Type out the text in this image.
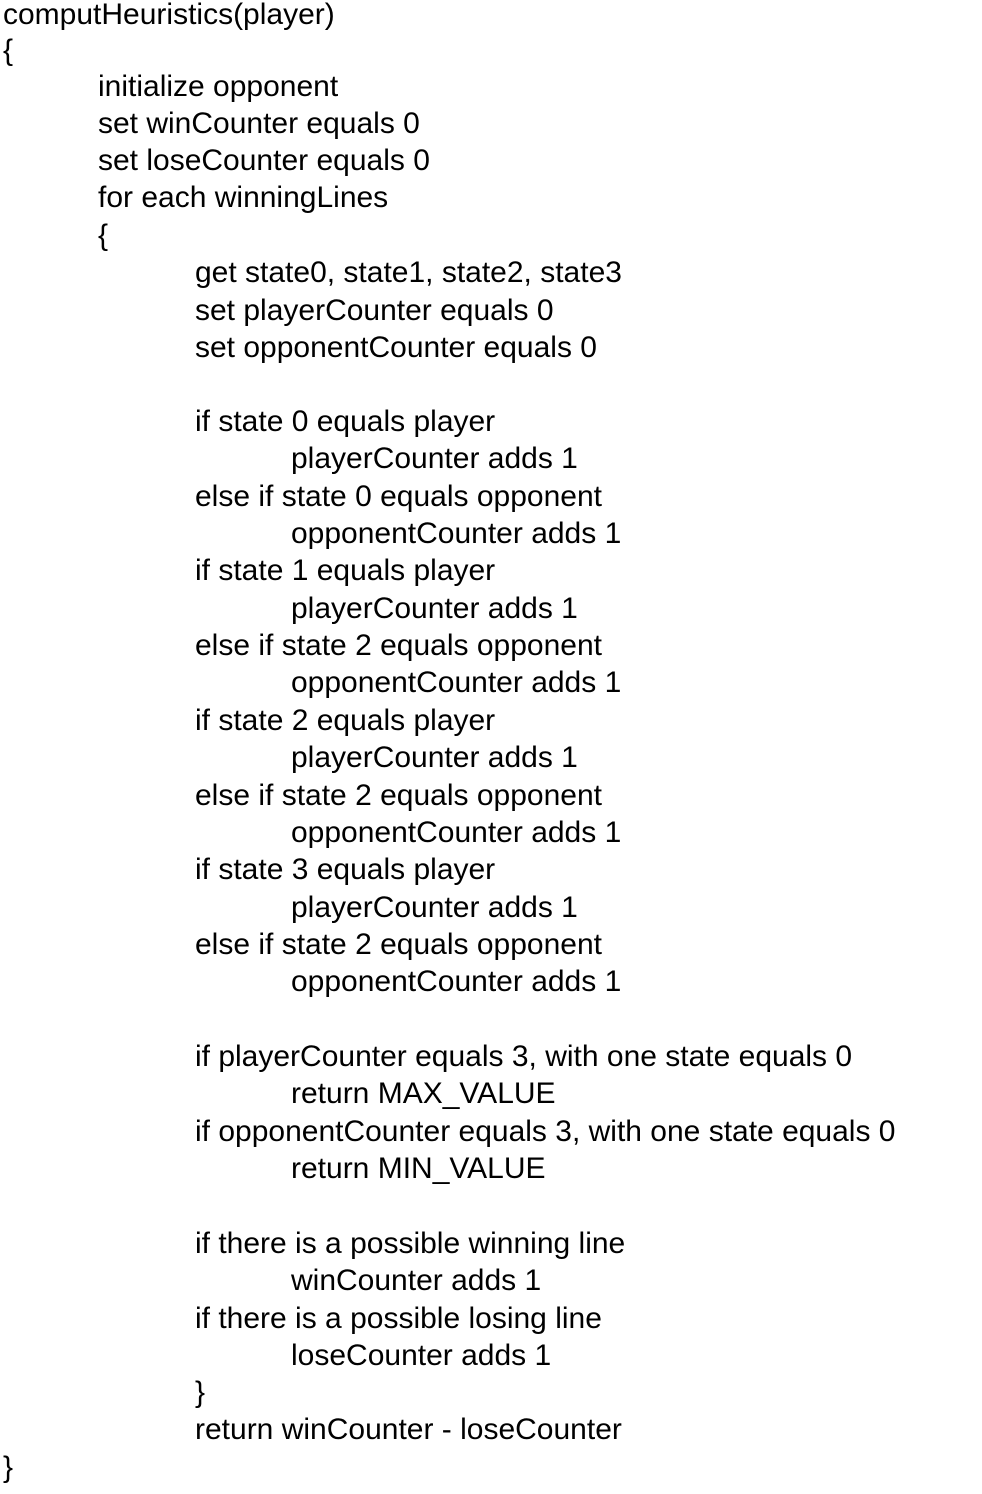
computHeuristics(player)
{
initialize opponent
set winCounter equals 0
set loseCounter equals 0
for each winningLines
{
get state0, state1, state2, state3
set playerCounter equals 0
set opponentCounter equals 0
if state 0 equals player
playerCounter adds 1
else if state 0 equals opponent
opponentCounter adds 1
if state 1 equals player
playerCounter adds 1
else if state 2 equals opponent
opponentCounter adds 1
if state 2 equals player
playerCounter adds 1
else if state 2 equals opponent
opponentCounter adds 1
if state 3 equals player
playerCounter adds 1
else if state 2 equals opponent
opponentCounter adds 1
if playerCounter equals 3, with one state equals 0
return MAX_VALUE
if opponentCounter equals 3, with one state equals 0
return MIN_VALUE
if there is a possible winning line
winCounter adds 1
if there is a possible losing line
loseCounter adds 1
}
return winCounter - loseCounter
}
